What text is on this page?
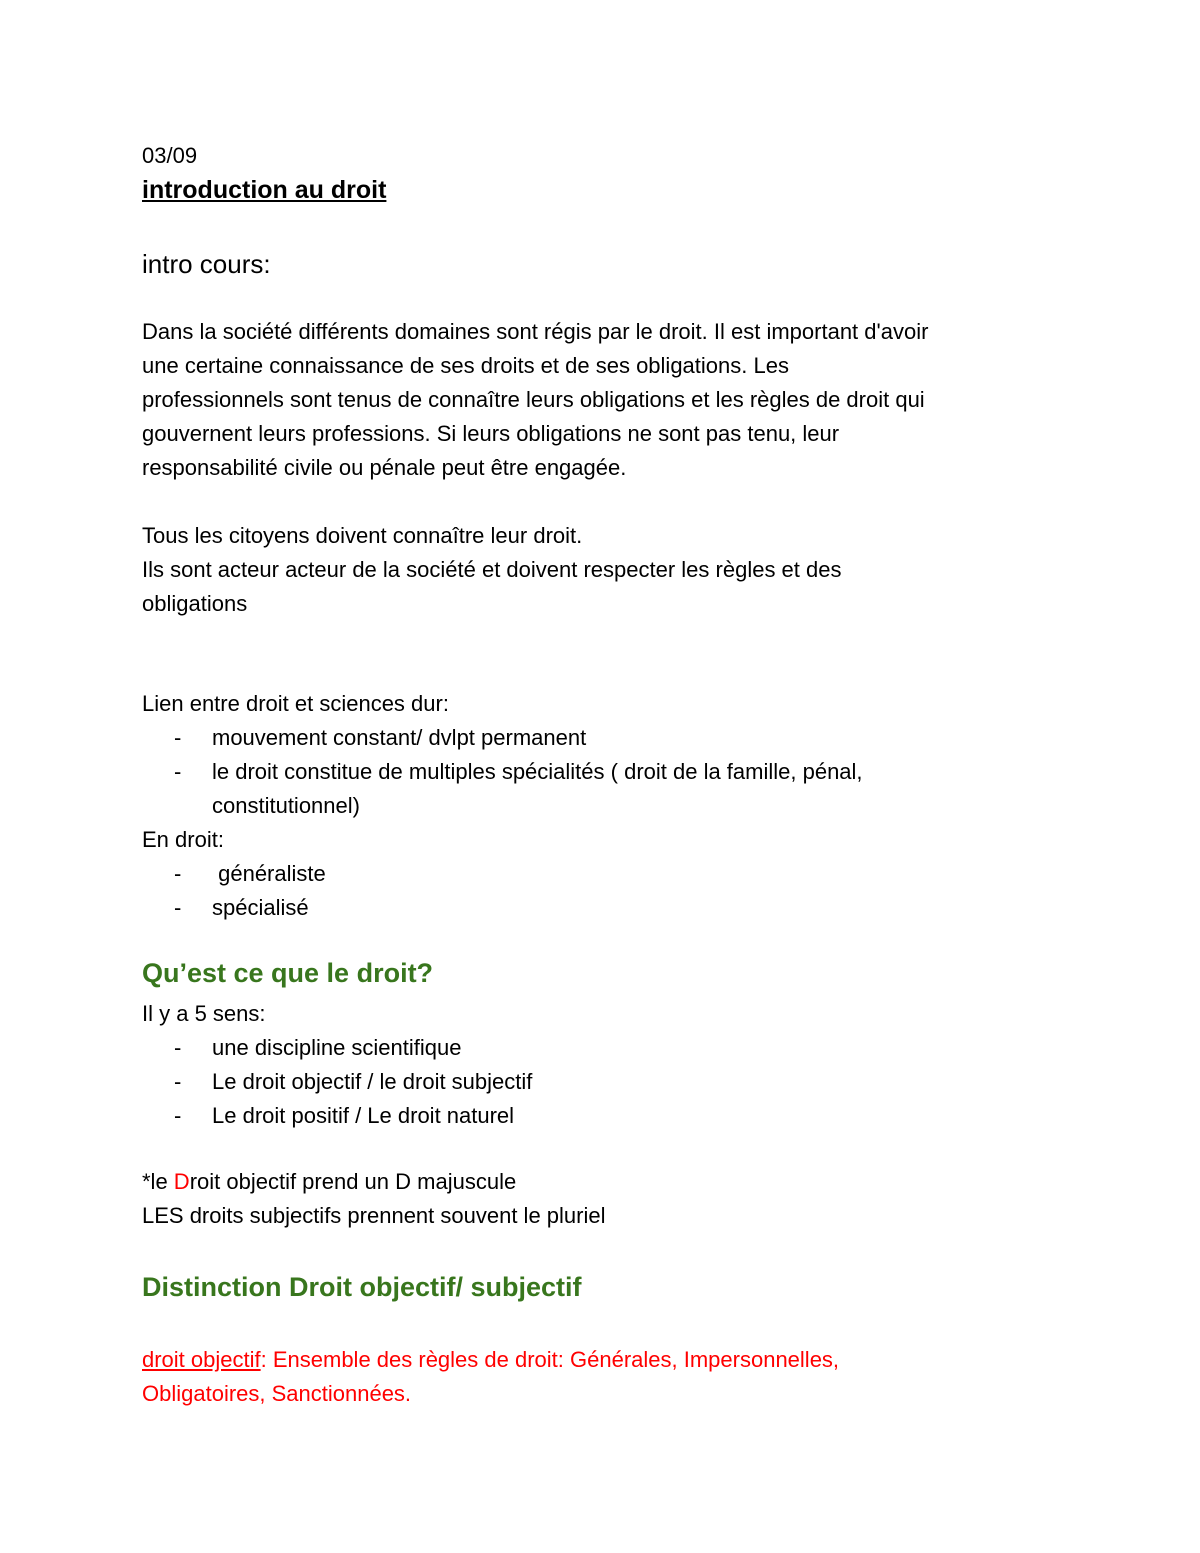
03/09
introduction au droit
intro cours:
Dans la société différents domaines sont régis par le droit. Il est important d'avoir
une certaine connaissance de ses droits et de ses obligations. Les
professionnels sont tenus de connaître leurs obligations et les règles de droit qui
gouvernent leurs professions. Si leurs obligations ne sont pas tenu, leur
responsabilité civile ou pénale peut être engagée.
Tous les citoyens doivent connaître leur droit.
Ils sont acteur acteur de la société et doivent respecter les règles et des
obligations
Lien entre droit et sciences dur:
- mouvement constant/ dvlpt permanent
- le droit constitue de multiples spécialités ( droit de la famille, pénal,
constitutionnel)
En droit:
- généraliste
- spécialisé
Qu’est ce que le droit?
Il y a 5 sens:
- une discipline scientifique
- Le droit objectif / le droit subjectif
- Le droit positif / Le droit naturel
*le Droit objectif prend un D majuscule
LES droits subjectifs prennent souvent le pluriel
Distinction Droit objectif/ subjectif
droit objectif: Ensemble des règles de droit: Générales, Impersonnelles,
Obligatoires, Sanctionnées.
